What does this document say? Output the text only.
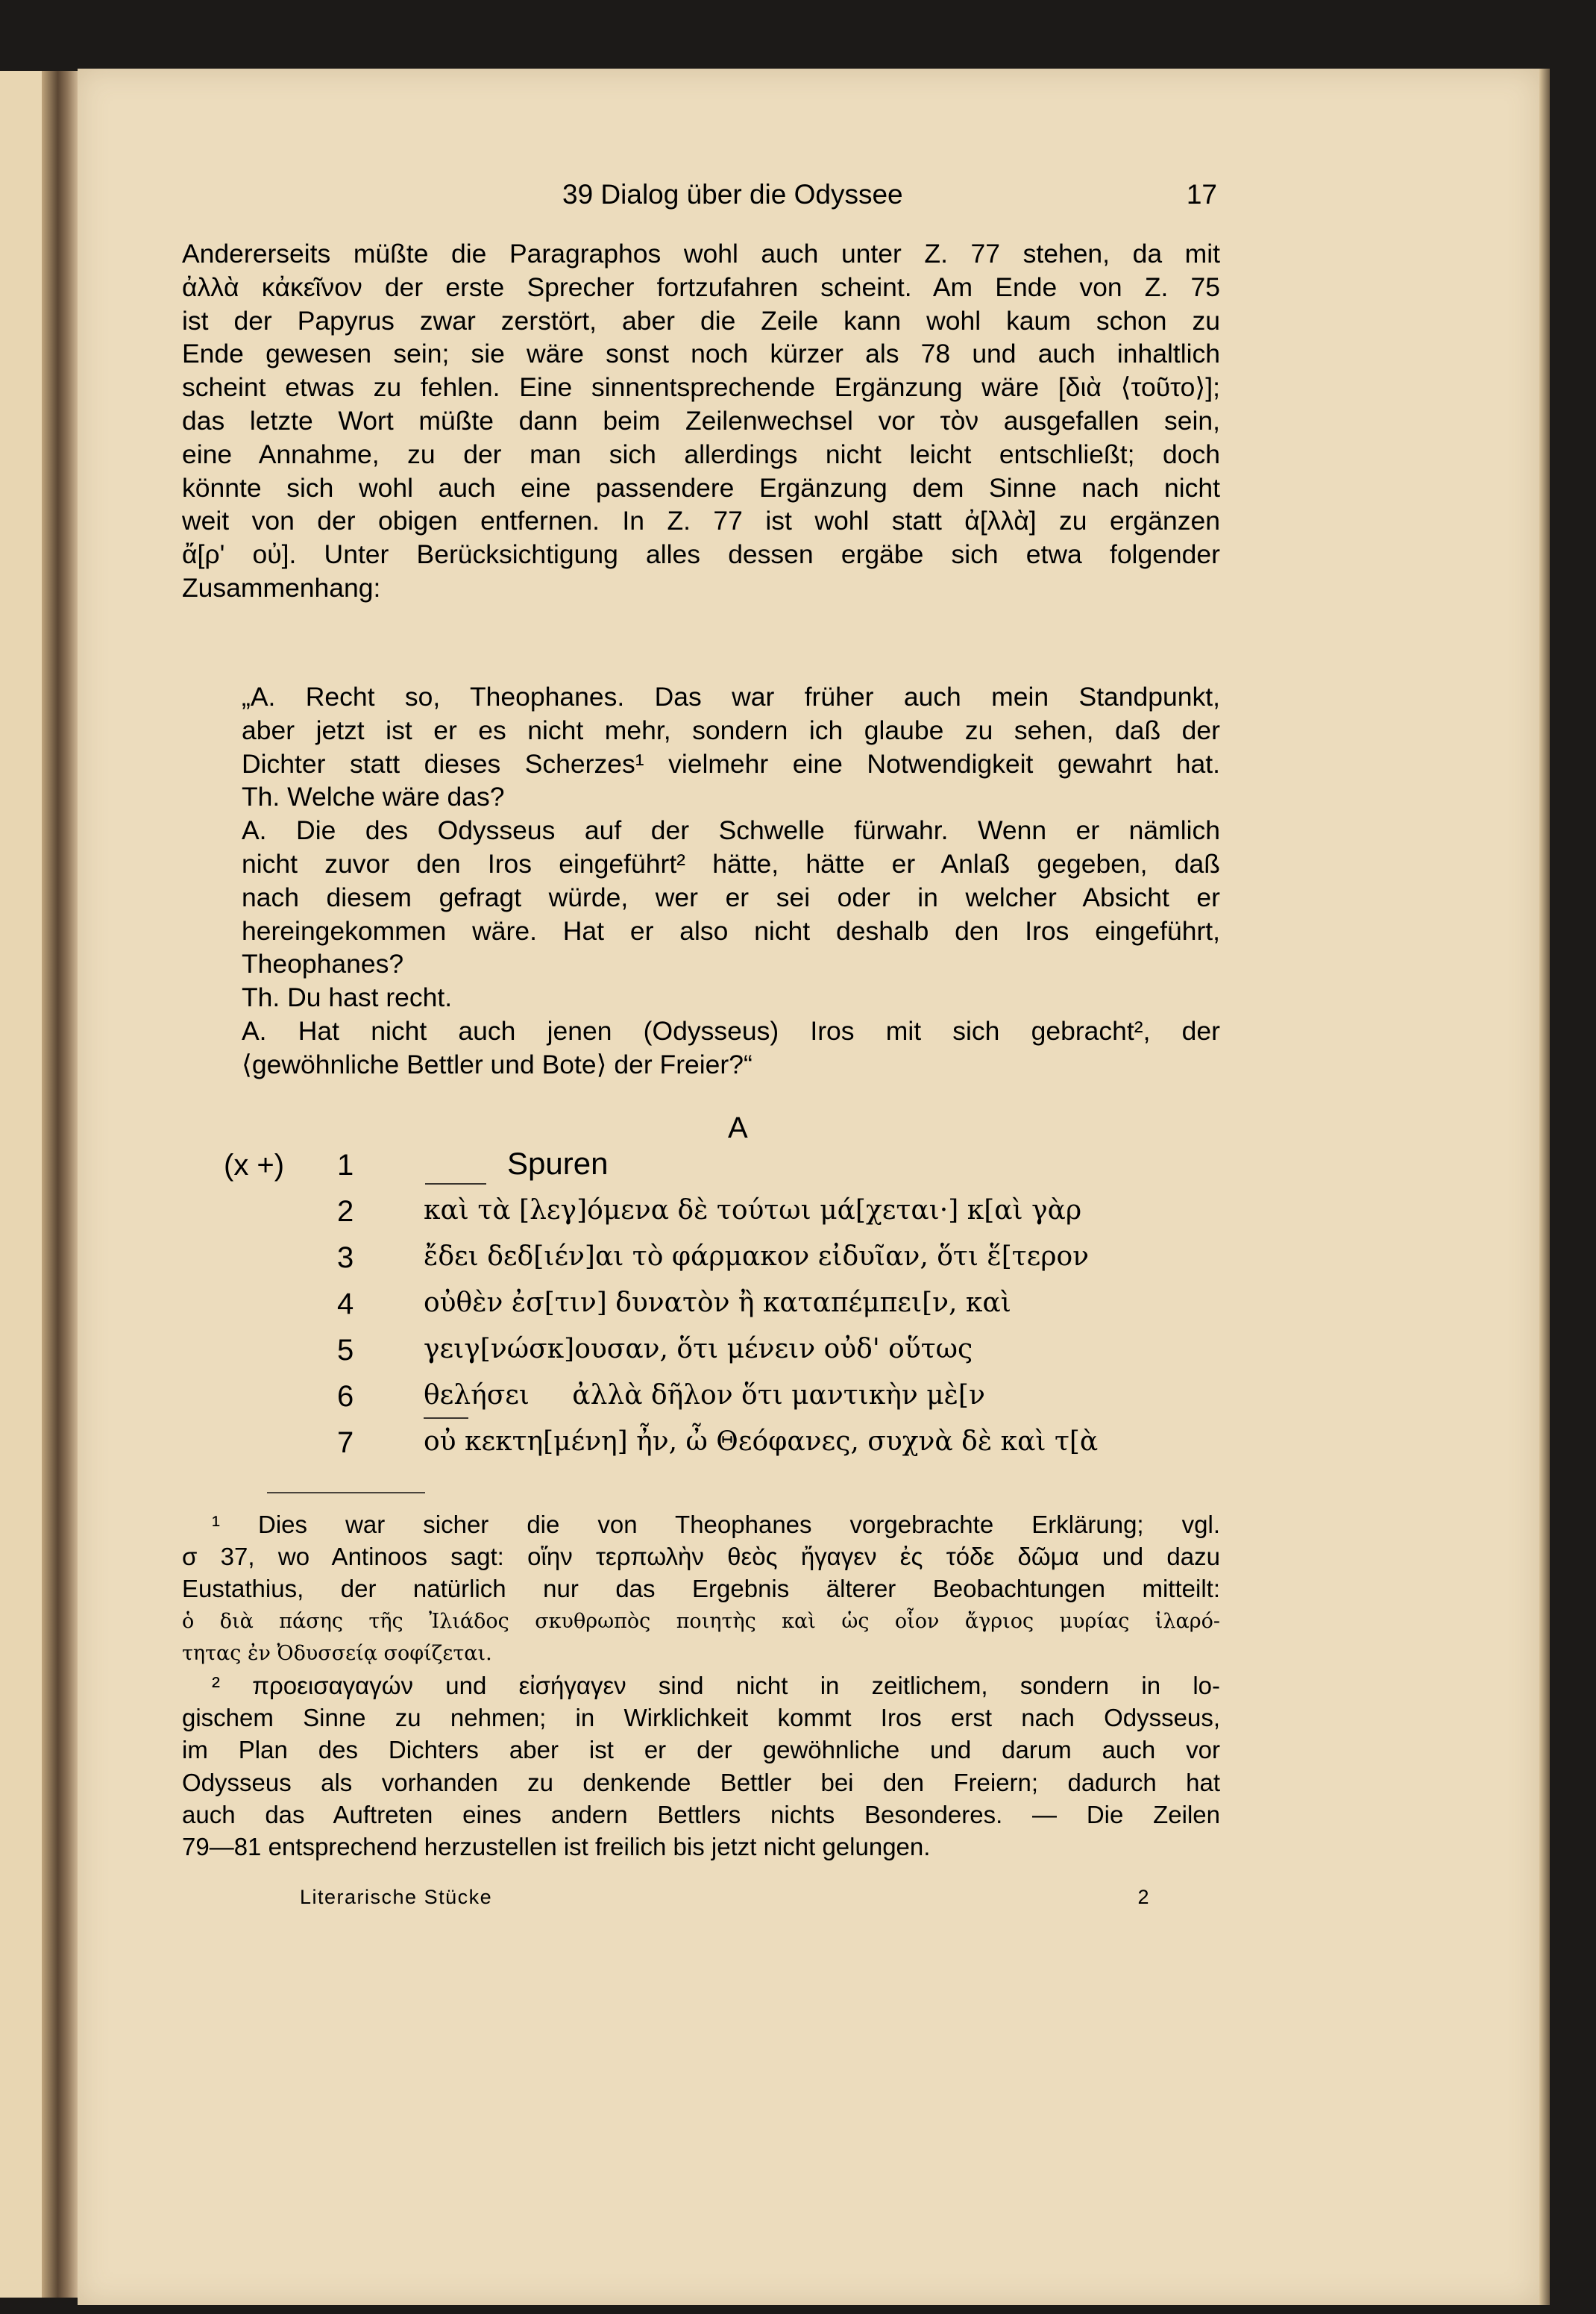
39 Dialog über die Odyssee	17
Andererseits müßte die Paragraphos wohl auch unter Z. 77 stehen, da mit
ἀλλὰ κἀκεῖνον der erste Sprecher fortzufahren scheint. Am Ende von Z. 75
ist der Papyrus zwar zerstört, aber die Zeile kann wohl kaum schon zu
Ende gewesen sein; sie wäre sonst noch kürzer als 78 und auch inhaltlich
scheint etwas zu fehlen. Eine sinnentsprechende Ergänzung wäre [διὰ ⟨τοῦτο⟩];
das letzte Wort müßte dann beim Zeilenwechsel vor τὸν ausgefallen sein,
eine Annahme, zu der man sich allerdings nicht leicht entschließt; doch
könnte sich wohl auch eine passendere Ergänzung dem Sinne nach nicht
weit von der obigen entfernen. In Z. 77 ist wohl statt ἀ[λλὰ] zu ergänzen
ἄ[ρ' οὐ]. Unter Berücksichtigung alles dessen ergäbe sich etwa folgender
Zusammenhang:
„A. Recht so, Theophanes. Das war früher auch mein Standpunkt,
aber jetzt ist er es nicht mehr, sondern ich glaube zu sehen, daß der
Dichter statt dieses Scherzes¹ vielmehr eine Notwendigkeit gewahrt hat.
Th. Welche wäre das?
A. Die des Odysseus auf der Schwelle fürwahr. Wenn er nämlich
nicht zuvor den Iros eingeführt² hätte, hätte er Anlaß gegeben, daß
nach diesem gefragt würde, wer er sei oder in welcher Absicht er
hereingekommen wäre. Hat er also nicht deshalb den Iros eingeführt,
Theophanes?
Th. Du hast recht.
A. Hat nicht auch jenen (Odysseus) Iros mit sich gebracht², der
⟨gewöhnliche Bettler und Bote⟩ der Freier?“
A
(x +) 1	Spuren
2	καὶ τὰ [λεγ]όμενα δὲ τούτωι μά[χεται·] κ[αὶ γὰρ
3	ἔδει δεδ[ιέν]αι τὸ φάρμακον εἰδυῖαν, ὅτι ἕ[τερον
4	οὐθὲν ἐσ[τιν] δυνατὸν ἢ καταπέμπει[ν, καὶ
5	γειγ[νώσκ]ουσαν, ὅτι μένειν οὐδ' οὕτως
6	θελήσει     ἀλλὰ δῆλον ὅτι μαντικὴν μὲ[ν
7	οὐ κεκτη[μένη] ἦν, ὦ Θεόφανες, συχνὰ δὲ καὶ τ[ὰ
¹ Dies war sicher die von Theophanes vorgebrachte Erklärung; vgl.
σ 37, wo Antinoos sagt: οἵην τερπωλὴν θεὸς ἤγαγεν ἐς τόδε δῶμα und dazu
Eustathius, der natürlich nur das Ergebnis älterer Beobachtungen mitteilt:
ὁ διὰ πάσης τῆς Ἰλιάδος σκυθρωπὸς ποιητὴς καὶ ὡς οἷον ἄγριος μυρίας ἱλαρό-
τητας ἐν Ὀδυσσείᾳ σοφίζεται.
² προεισαγαγών und εἰσήγαγεν sind nicht in zeitlichem, sondern in lo-
gischem Sinne zu nehmen; in Wirklichkeit kommt Iros erst nach Odysseus,
im Plan des Dichters aber ist er der gewöhnliche und darum auch vor
Odysseus als vorhanden zu denkende Bettler bei den Freiern; dadurch hat
auch das Auftreten eines andern Bettlers nichts Besonderes. — Die Zeilen
79—81 entsprechend herzustellen ist freilich bis jetzt nicht gelungen.
Literarische Stücke	2
